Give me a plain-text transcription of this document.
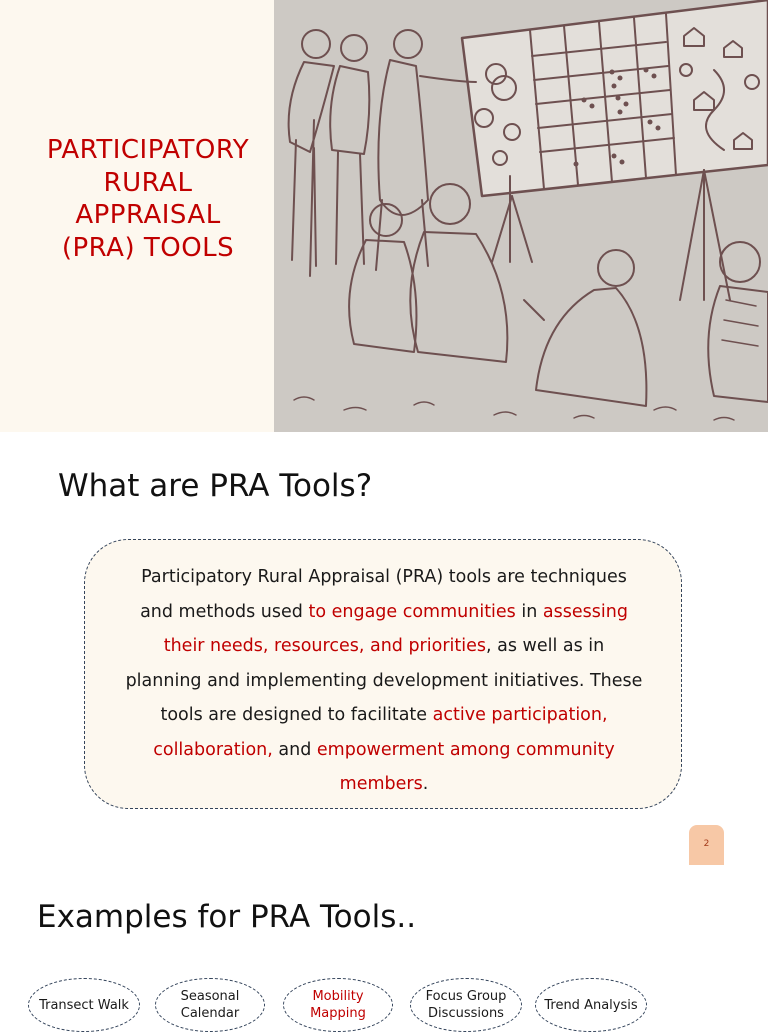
PARTICIPATORY
RURAL
APPRAISAL
(PRA) TOOLS
What are PRA Tools?

Participatory Rural Appraisal (PRA) tools are techniques and methods used to engage communities in assessing their needs, resources, and priorities, as well as in planning and implementing development initiatives. These tools are designed to facilitate active participation, collaboration, and empowerment among community members.

2
Examples for PRA Tools..
Transect Walk
Seasonal Calendar
Mobility Mapping
Focus Group Discussions
Trend Analysis
